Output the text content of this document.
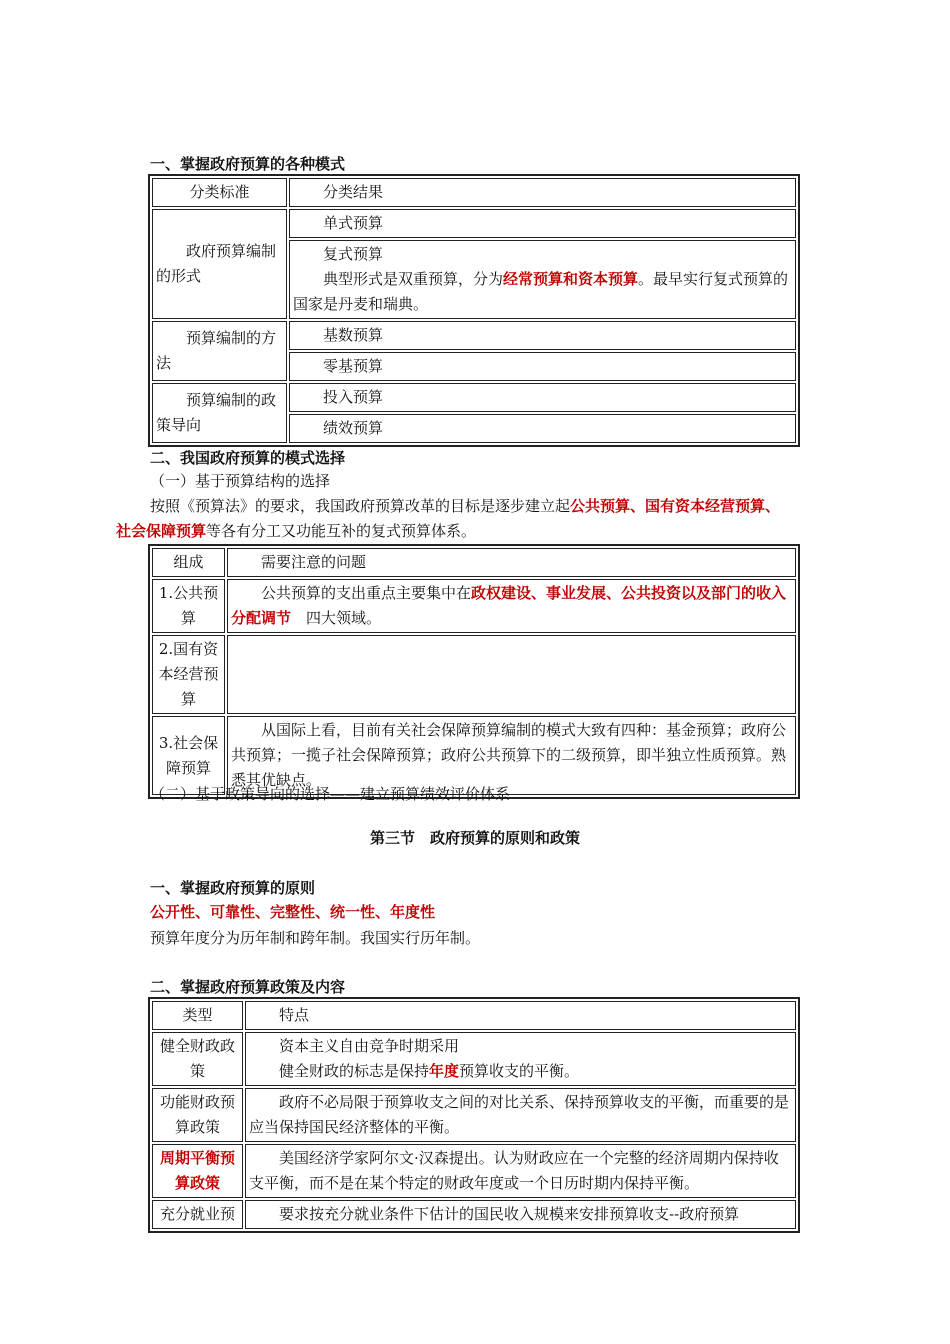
一、掌握政府预算的各种模式
分类标准	分类结果
政府预算编制的形式	单式预算

	复式预算

典型形式是双重预算，分为经常预算和资本预算。最早实行复式预算的国家是丹麦和瑞典。

预算编制的方法	基数预算
	零基预算
预算编制的政策导向	投入预算
	绩效预算
二、我国政府预算的模式选择
（一）基于预算结构的选择
按照《预算法》的要求，我国政府预算改革的目标是逐步建立起公共预算、国有资本经营预算、
社会保障预算等各有分工又功能互补的复式预算体系。
组成	需要注意的问题
1.公共预算	公共预算的支出重点主要集中在政权建设、事业发展、公共投资以及部门的收入分配调节　 四大领域。
2.国有资本经营预算	
3.社会保障预算	从国际上看，目前有关社会保障预算编制的模式大致有四种：基金预算；政府公共预算；一揽子社会保障预算；政府公共预算下的二级预算，即半独立性质预算。熟悉其优缺点。
（二）基于政策导向的选择——建立预算绩效评价体系
第三节　政府预算的原则和政策
一、掌握政府预算的原则
公开性、可靠性、完整性、统一性、年度性
预算年度分为历年制和跨年制。我国实行历年制。
二、掌握政府预算政策及内容
类型	特点
健全财政政策	资本主义自由竞争时期采用

健全财政的标志是保持年度预算收支的平衡。

功能财政预算政策	政府不必局限于预算收支之间的对比关系、保持预算收支的平衡，而重要的是应当保持国民经济整体的平衡。
周期平衡预算政策	美国经济学家阿尔文·汉森提出。认为财政应在一个完整的经济周期内保持收支平衡，而不是在某个特定的财政年度或一个日历时期内保持平衡。
充分就业预	要求按充分就业条件下估计的国民收入规模来安排预算收支--政府预算
